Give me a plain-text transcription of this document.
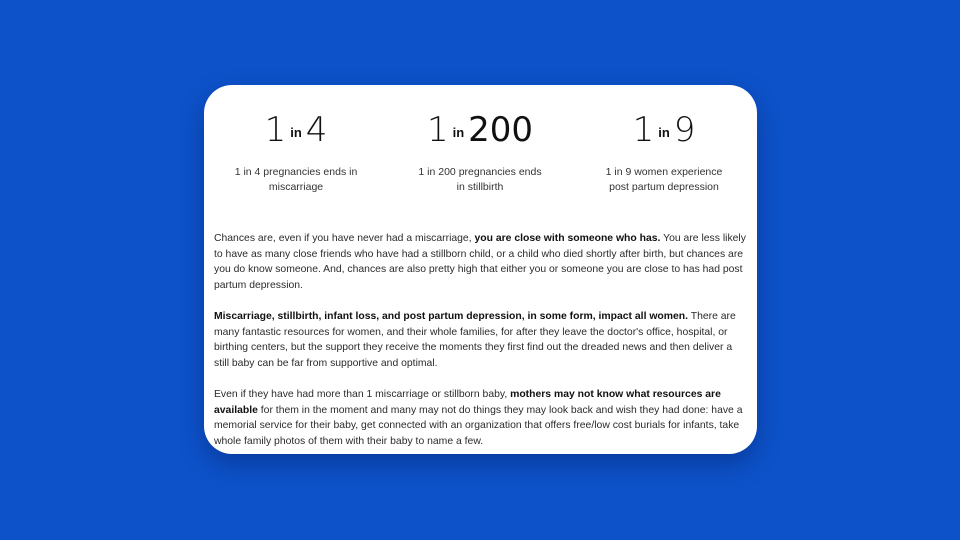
1 $^{in}$ 4
1 in 4 pregnancies ends in miscarriage
1 $^{in}$ 200
1 in 200 pregnancies ends in stillbirth
1 $^{in}$ 9
1 in 9 women experience post partum depression

Chances are, even if you have never had a miscarriage, you are close with someone who has. You are less likely to have as many close friends who have had a stillborn child, or a child who died shortly after birth, but chances are you do know someone. And, chances are also pretty high that either you or someone you are close to has had post partum depression.

Miscarriage, stillbirth, infant loss, and post partum depression, in some form, impact all women. There are many fantastic resources for women, and their whole families, for after they leave the doctor's office, hospital, or birthing centers, but the support they receive the moments they first find out the dreaded news and then deliver a still baby can be far from supportive and optimal.

Even if they have had more than 1 miscarriage or stillborn baby, mothers may not know what resources are available for them in the moment and many may not do things they may look back and wish they had done: have a memorial service for their baby, get connected with an organization that offers free/low cost burials for infants, take whole family photos of them with their baby to name a few.
